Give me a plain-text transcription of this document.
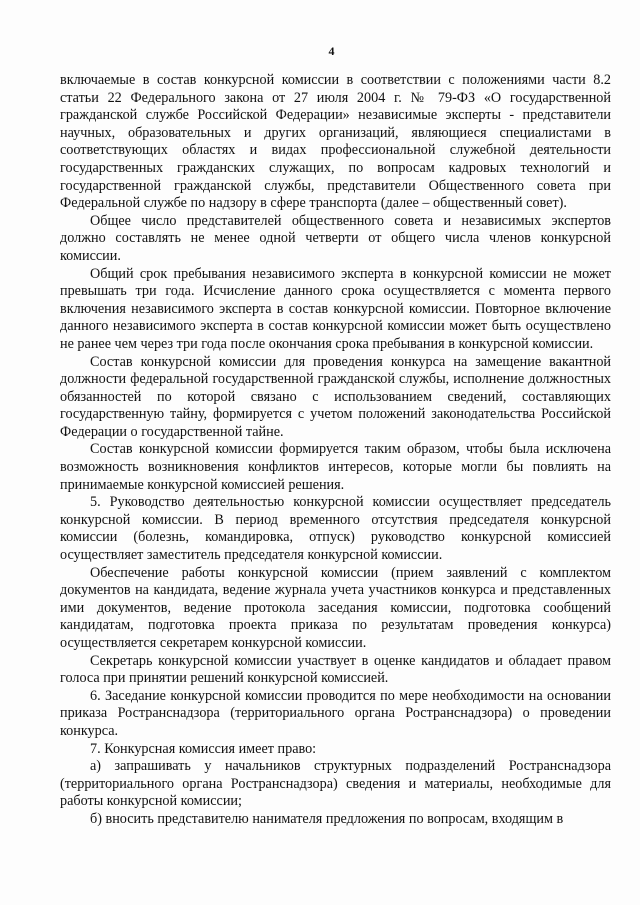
4

включаемые в состав конкурсной комиссии в соответствии с положениями части 8.2 статьи 22 Федерального закона от 27 июля 2004 г. № 79-ФЗ «О государственной гражданской службе Российской Федерации» независимые эксперты - представители научных, образовательных и других организаций, являющиеся специалистами в соответствующих областях и видах профессиональной служебной деятельности государственных гражданских служащих, по вопросам кадровых технологий и государственной гражданской службы, представители Общественного совета при Федеральной службе по надзору в сфере транспорта (далее – общественный совет).

Общее число представителей общественного совета и независимых экспертов должно составлять не менее одной четверти от общего числа членов конкурсной комиссии.

Общий срок пребывания независимого эксперта в конкурсной комиссии не может превышать три года. Исчисление данного срока осуществляется с момента первого включения независимого эксперта в состав конкурсной комиссии. Повторное включение данного независимого эксперта в состав конкурсной комиссии может быть осуществлено не ранее чем через три года после окончания срока пребывания в конкурсной комиссии.

Состав конкурсной комиссии для проведения конкурса на замещение вакантной должности федеральной государственной гражданской службы, исполнение должностных обязанностей по которой связано с использованием сведений, составляющих государственную тайну, формируется с учетом положений законодательства Российской Федерации о государственной тайне.

Состав конкурсной комиссии формируется таким образом, чтобы была исключена возможность возникновения конфликтов интересов, которые могли бы повлиять на принимаемые конкурсной комиссией решения.

5. Руководство деятельностью конкурсной комиссии осуществляет председатель конкурсной комиссии. В период временного отсутствия председателя конкурсной комиссии (болезнь, командировка, отпуск) руководство конкурсной комиссией осуществляет заместитель председателя конкурсной комиссии.

Обеспечение работы конкурсной комиссии (прием заявлений с комплектом документов на кандидата, ведение журнала учета участников конкурса и представленных ими документов, ведение протокола заседания комиссии, подготовка сообщений кандидатам, подготовка проекта приказа по результатам проведения конкурса) осуществляется секретарем конкурсной комиссии.

Секретарь конкурсной комиссии участвует в оценке кандидатов и обладает правом голоса при принятии решений конкурсной комиссией.

6. Заседание конкурсной комиссии проводится по мере необходимости на основании приказа Ространснадзора (территориального органа Ространснадзора) о проведении конкурса.

7. Конкурсная комиссия имеет право:

а) запрашивать у начальников структурных подразделений Ространснадзора (территориального органа Ространснадзора) сведения и материалы, необходимые для работы конкурсной комиссии;

б) вносить представителю нанимателя предложения по вопросам, входящим в
